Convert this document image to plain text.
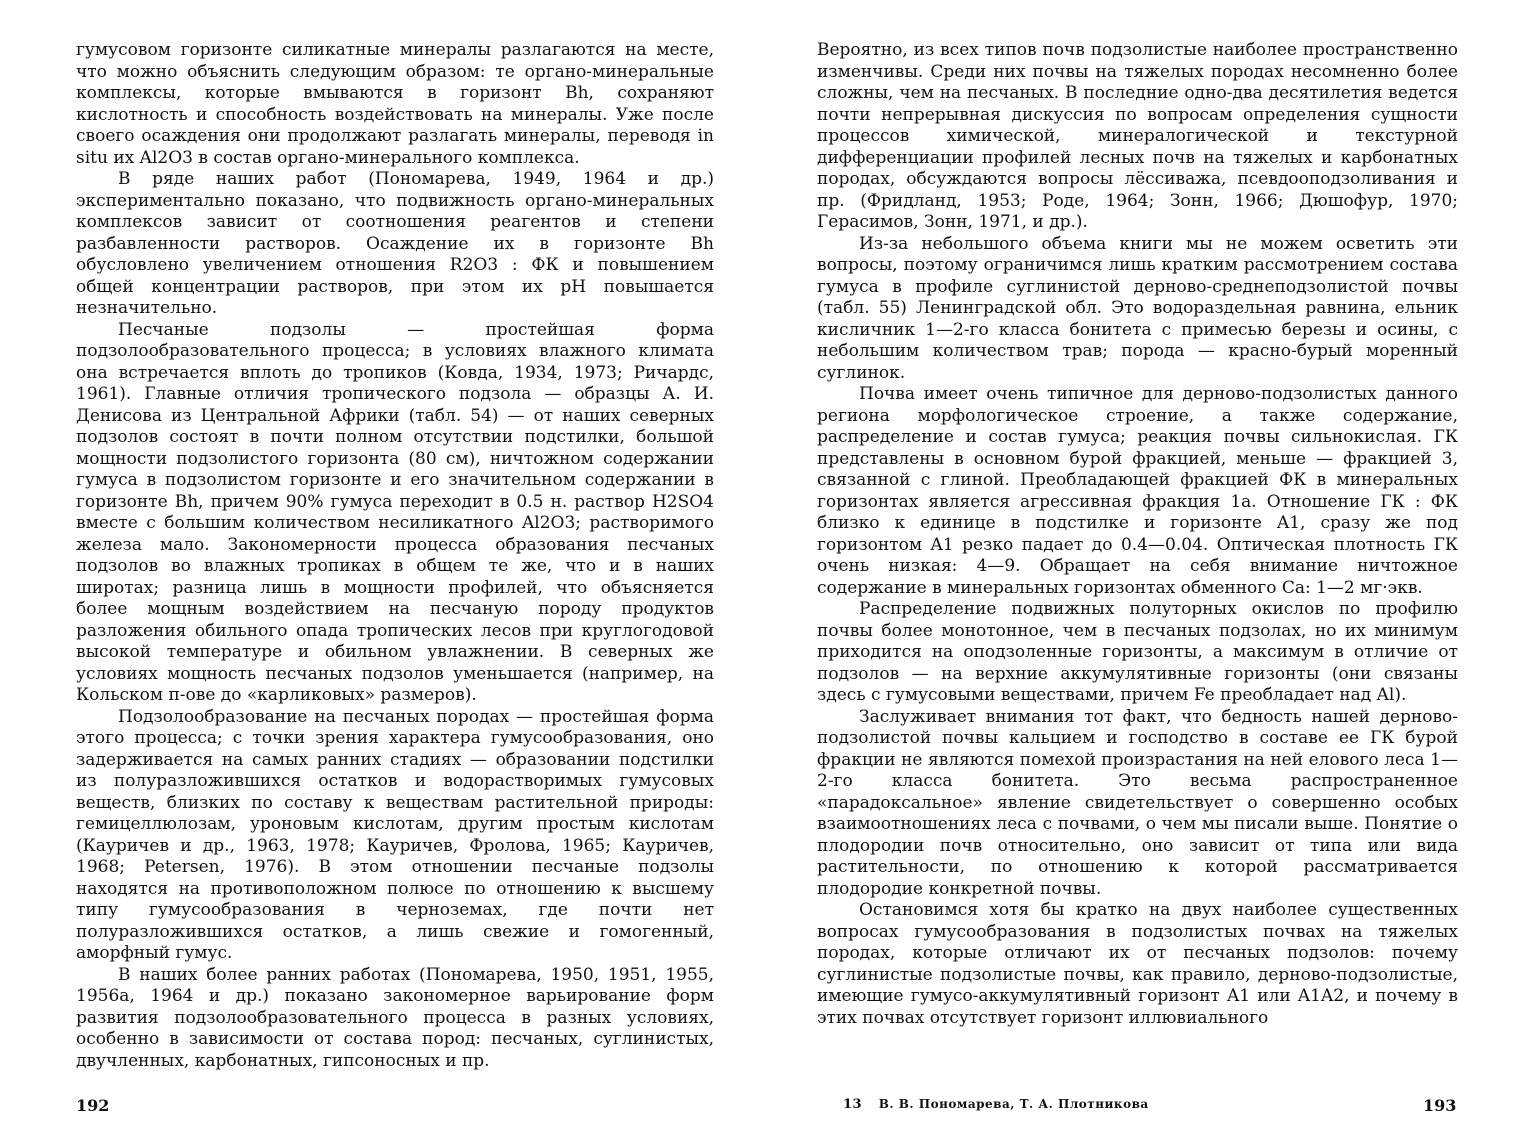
гумусовом горизонте силикатные минералы разлагаются на месте, что можно объяснить следующим образом: те органо-минеральные комплексы, которые вмываются в горизонт Bh, сохраняют кислотность и способность воздействовать на минералы. Уже после своего осаждения они продолжают разлагать минералы, переводя in situ их Al2O3 в состав органо-минерального комплекса.

В ряде наших работ (Пономарева, 1949, 1964 и др.) экспериментально показано, что подвижность органо-минеральных комплексов зависит от соотношения реагентов и степени разбавленности растворов. Осаждение их в горизонте Bh обусловлено увеличением отношения R2O3 : ФК и повышением общей концентрации растворов, при этом их pH повышается незначительно.

Песчаные подзолы — простейшая форма подзолообразовательного процесса; в условиях влажного климата она встречается вплоть до тропиков (Ковда, 1934, 1973; Ричардс, 1961). Главные отличия тропического подзола — образцы А. И. Денисова из Центральной Африки (табл. 54) — от наших северных подзолов состоят в почти полном отсутствии подстилки, большой мощности подзолистого горизонта (80 см), ничтожном содержании гумуса в подзолистом горизонте и его значительном содержании в горизонте Bh, причем 90% гумуса переходит в 0.5 н. раствор H2SO4 вместе с большим количеством несиликатного Al2O3; растворимого железа мало. Закономерности процесса образования песчаных подзолов во влажных тропиках в общем те же, что и в наших широтах; разница лишь в мощности профилей, что объясняется более мощным воздействием на песчаную породу продуктов разложения обильного опада тропических лесов при круглогодовой высокой температуре и обильном увлажнении. В северных же условиях мощность песчаных подзолов уменьшается (например, на Кольском п-ове до «карликовых» размеров).

Подзолообразование на песчаных породах — простейшая форма этого процесса; с точки зрения характера гумусообразования, оно задерживается на самых ранних стадиях — образовании подстилки из полуразложившихся остатков и водорастворимых гумусовых веществ, близких по составу к веществам растительной природы: гемицеллюлозам, уроновым кислотам, другим простым кислотам (Кауричев и др., 1963, 1978; Кауричев, Фролова, 1965; Кауричев, 1968; Petersen, 1976). В этом отношении песчаные подзолы находятся на противоположном полюсе по отношению к высшему типу гумусообразования в черноземах, где почти нет полуразложившихся остатков, а лишь свежие и гомогенный, аморфный гумус.

В наших более ранних работах (Пономарева, 1950, 1951, 1955, 1956а, 1964 и др.) показано закономерное варьирование форм развития подзолообразовательного процесса в разных условиях, особенно в зависимости от состава пород: песчаных, суглинистых, двучленных, карбонатных, гипсоносных и пр.

Вероятно, из всех типов почв подзолистые наиболее пространственно изменчивы. Среди них почвы на тяжелых породах несомненно более сложны, чем на песчаных. В последние одно-два десятилетия ведется почти непрерывная дискуссия по вопросам определения сущности процессов химической, минералогической и текстурной дифференциации профилей лесных почв на тяжелых и карбонатных породах, обсуждаются вопросы лёссиважа, псевдооподзоливания и пр. (Фридланд, 1953; Роде, 1964; Зонн, 1966; Дюшофур, 1970; Герасимов, Зонн, 1971, и др.).

Из-за небольшого объема книги мы не можем осветить эти вопросы, поэтому ограничимся лишь кратким рассмотрением состава гумуса в профиле суглинистой дерново-среднеподзолистой почвы (табл. 55) Ленинградской обл. Это водораздельная равнина, ельник кисличник 1—2-го класса бонитета с примесью березы и осины, с небольшим количеством трав; порода — красно-бурый моренный суглинок.

Почва имеет очень типичное для дерново-подзолистых данного региона морфологическое строение, а также содержание, распределение и состав гумуса; реакция почвы сильнокислая. ГК представлены в основном бурой фракцией, меньше — фракцией 3, связанной с глиной. Преобладающей фракцией ФК в минеральных горизонтах является агрессивная фракция 1а. Отношение ГК : ФК близко к единице в подстилке и горизонте A1, сразу же под горизонтом A1 резко падает до 0.4—0.04. Оптическая плотность ГК очень низкая: 4—9. Обращает на себя внимание ничтожное содержание в минеральных горизонтах обменного Ca: 1—2 мг·экв.

Распределение подвижных полуторных окислов по профилю почвы более монотонное, чем в песчаных подзолах, но их минимум приходится на оподзоленные горизонты, а максимум в отличие от подзолов — на верхние аккумулятивные горизонты (они связаны здесь с гумусовыми веществами, причем Fe преобладает над Al).

Заслуживает внимания тот факт, что бедность нашей дерново-подзолистой почвы кальцием и господство в составе ее ГК бурой фракции не являются помехой произрастания на ней елового леса 1—2-го класса бонитета. Это весьма распространенное «парадоксальное» явление свидетельствует о совершенно особых взаимоотношениях леса с почвами, о чем мы писали выше. Понятие о плодородии почв относительно, оно зависит от типа или вида растительности, по отношению к которой рассматривается плодородие конкретной почвы.

Остановимся хотя бы кратко на двух наиболее существенных вопросах гумусообразования в подзолистых почвах на тяжелых породах, которые отличают их от песчаных подзолов: почему суглинистые подзолистые почвы, как правило, дерново-подзолистые, имеющие гумусо-аккумулятивный горизонт A1 или A1A2, и почему в этих почвах отсутствует горизонт иллювиального

192	13 В. В. Пономарева, Т. А. Плотникова	193
